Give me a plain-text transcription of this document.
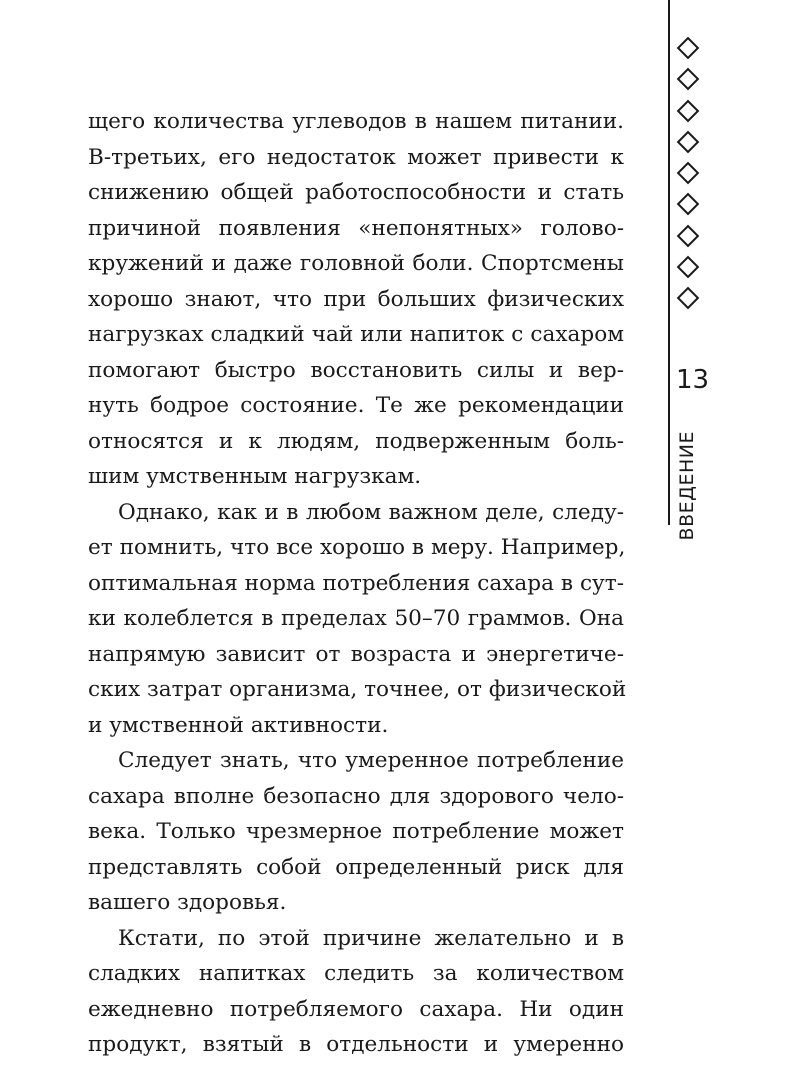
13
ВВЕДЕНИЕ
щего количества углеводов в нашем питании.
В-третьих, его недостаток может привести к
снижению общей работоспособности и стать
причиной появления «непонятных» голово-
кружений и даже головной боли. Спортсмены
хорошо знают, что при больших физических
нагрузках сладкий чай или напиток с сахаром
помогают быстро восстановить силы и вер-
нуть бодрое состояние. Те же рекомендации
относятся и к людям, подверженным боль-
шим умственным нагрузкам.
Однако, как и в любом важном деле, следу-
ет помнить, что все хорошо в меру. Например,
оптимальная норма потребления сахара в сут-
ки колеблется в пределах 50–70 граммов. Она
напрямую зависит от возраста и энергетиче-
ских затрат организма, точнее, от физической
и умственной активности.
Следует знать, что умеренное потребление
сахара вполне безопасно для здорового чело-
века. Только чрезмерное потребление может
представлять собой определенный риск для
вашего здоровья.
Кстати, по этой причине желательно и в
сладких напитках следить за количеством
ежедневно потребляемого сахара. Ни один
продукт, взятый в отдельности и умеренно
